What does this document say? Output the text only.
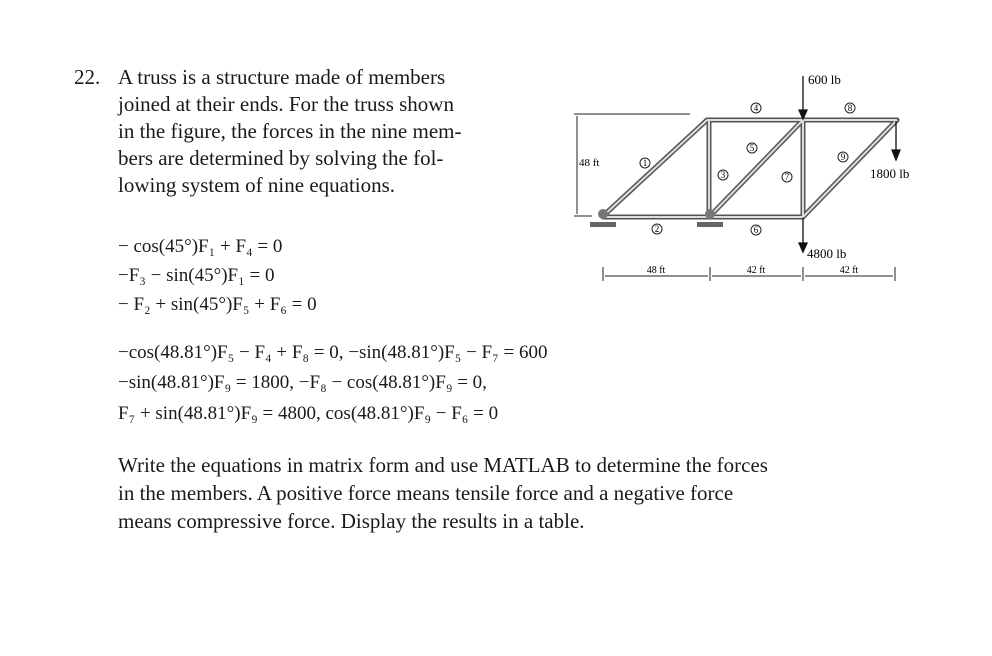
22. A truss is a structure made of members
joined at their ends. For the truss shown
in the figure, the forces in the nine mem-
bers are determined by solving the fol-
lowing system of nine equations.
− cos(45°)F₁ + F₄ = 0
−F₃ − sin(45°)F₁ = 0
− F₂ + sin(45°)F₅ + F₆ = 0
−cos(48.81°)F₅ − F₄ + F₈ = 0, −sin(48.81°)F₅ − F₇ = 600
−sin(48.81°)F₉ = 1800, −F₈ − cos(48.81°)F₉ = 0,
F₇ + sin(48.81°)F₉ = 4800, cos(48.81°)F₉ − F₆ = 0
Write the equations in matrix form and use MATLAB to determine the forces
in the members. A positive force means tensile force and a negative force
means compressive force. Display the results in a table.
48 ft	1
2
3
4
5
6
7
8
9
600 lb
1800 lb
4800 lb
48 ft	42 ft	42 ft
